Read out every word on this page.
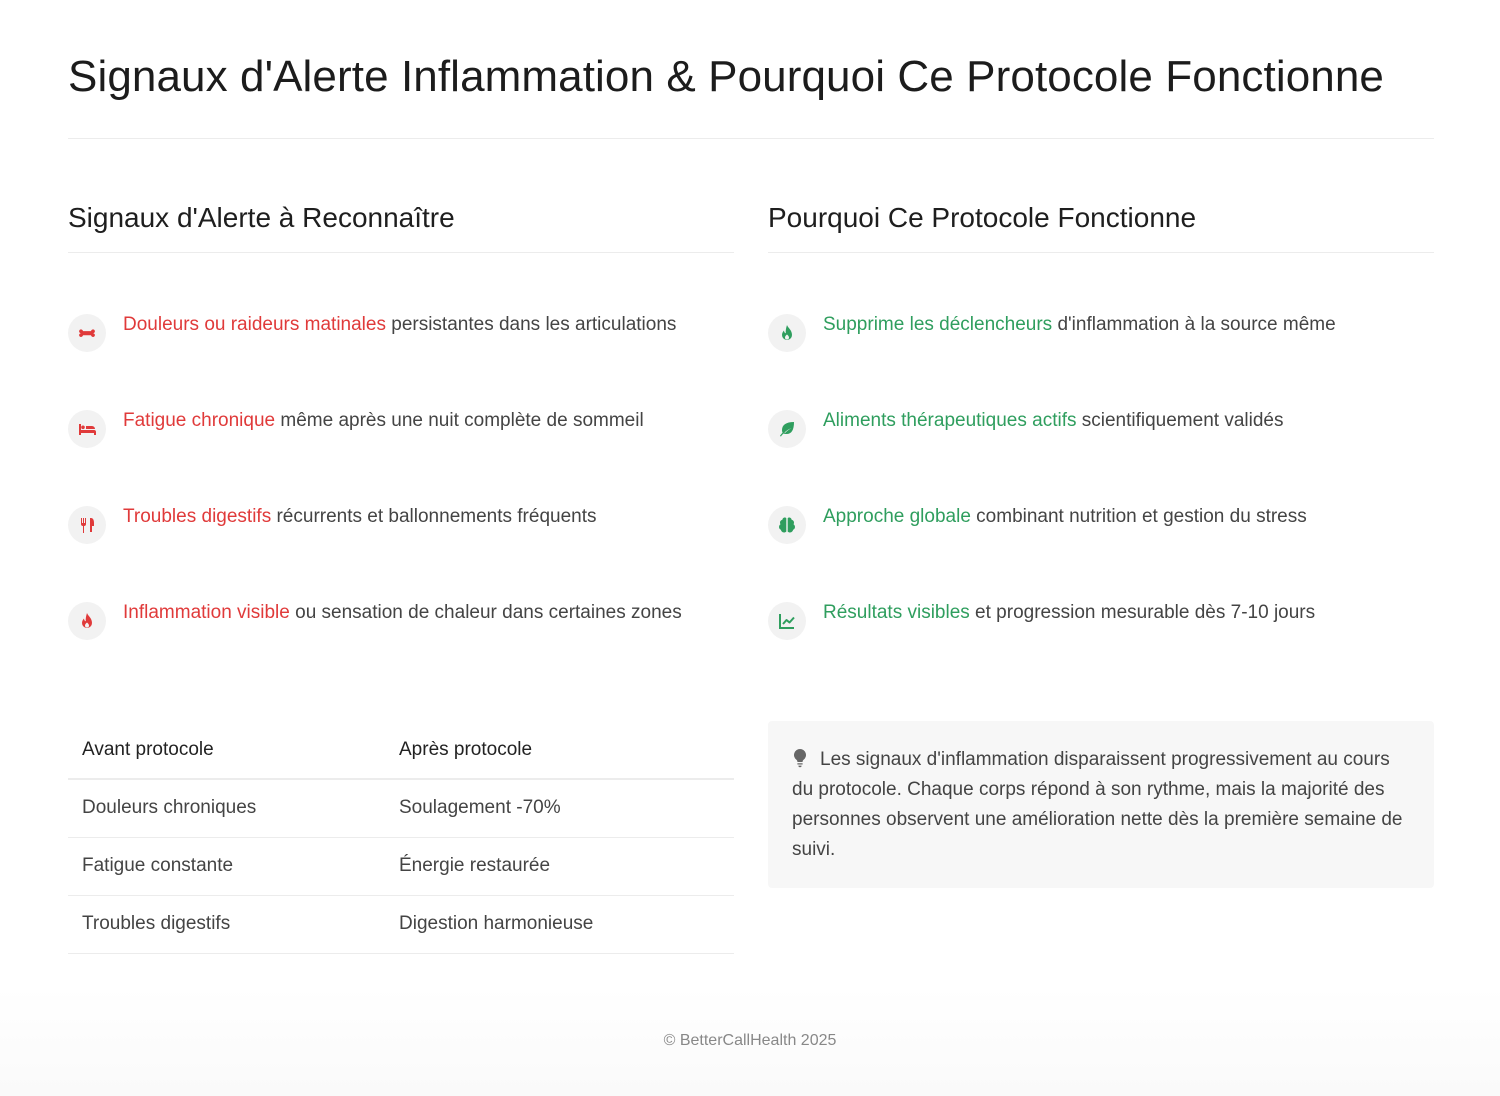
Signaux d'Alerte Inflammation & Pourquoi Ce Protocole Fonctionne
Signaux d'Alerte à Reconnaître
Douleurs ou raideurs matinales persistantes dans les articulations
Fatigue chronique même après une nuit complète de sommeil
Troubles digestifs récurrents et ballonnements fréquents
Inflammation visible ou sensation de chaleur dans certaines zones
Pourquoi Ce Protocole Fonctionne
Supprime les déclencheurs d'inflammation à la source même
Aliments thérapeutiques actifs scientifiquement validés
Approche globale combinant nutrition et gestion du stress
Résultats visibles et progression mesurable dès 7-10 jours
Avant protocole	Après protocole
Douleurs chroniques	Soulagement -70%
Fatigue constante	Énergie restaurée
Troubles digestifs	Digestion harmonieuse
Les signaux d'inflammation disparaissent progressivement au cours du protocole. Chaque corps répond à son rythme, mais la majorité des personnes observent une amélioration nette dès la première semaine de suivi.
© BetterCallHealth 2025
